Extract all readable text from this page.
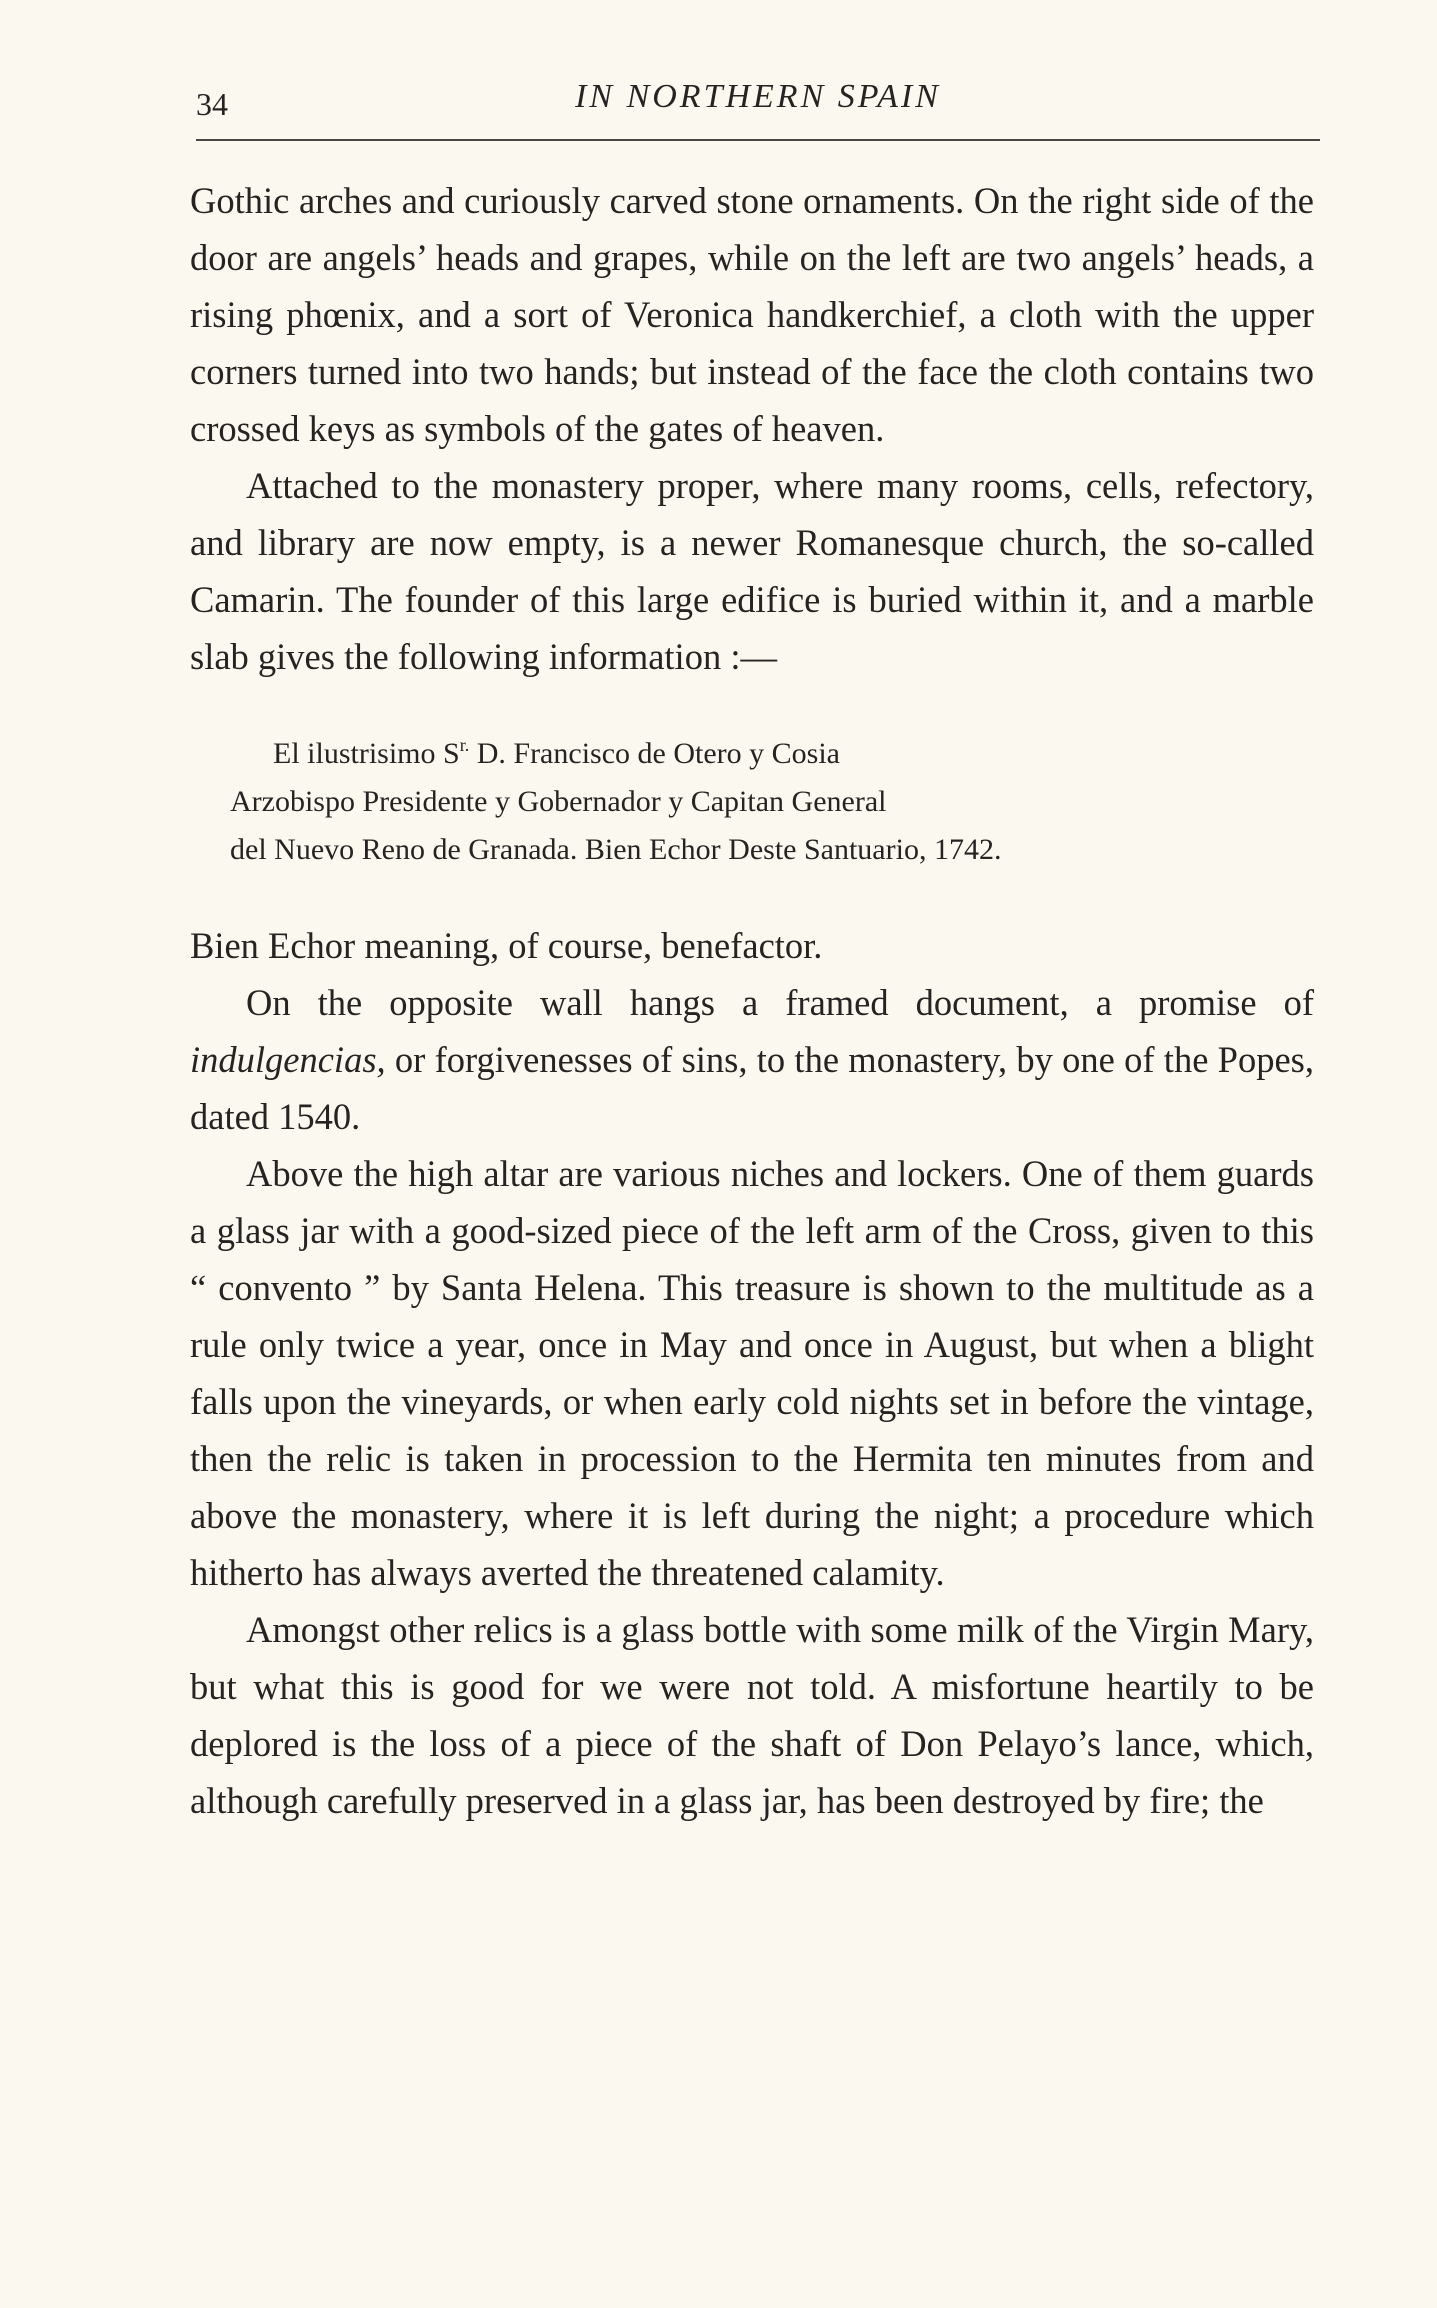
34	IN NORTHERN SPAIN

Gothic arches and curiously carved stone ornaments. On the right side of the door are angels’ heads and grapes, while on the left are two angels’ heads, a rising phœnix, and a sort of Veronica handkerchief, a cloth with the upper corners turned into two hands; but instead of the face the cloth contains two crossed keys as symbols of the gates of heaven.

Attached to the monastery proper, where many rooms, cells, refectory, and library are now empty, is a newer Romanesque church, the so-called Camarin. The founder of this large edifice is buried within it, and a marble slab gives the following information :—

El ilustrisimo $S^{r.}$ D. Francisco de Otero y Cosia
Arzobispo Presidente y Gobernador y Capitan General
del Nuevo Reno de Granada. Bien Echor Deste Santuario, 1742.

Bien Echor meaning, of course, benefactor.

On the opposite wall hangs a framed document, a promise of indulgencias, or forgivenesses of sins, to the monastery, by one of the Popes, dated 1540.

Above the high altar are various niches and lockers. One of them guards a glass jar with a good-sized piece of the left arm of the Cross, given to this “ convento ” by Santa Helena. This treasure is shown to the multitude as a rule only twice a year, once in May and once in August, but when a blight falls upon the vineyards, or when early cold nights set in before the vintage, then the relic is taken in procession to the Hermita ten minutes from and above the monastery, where it is left during the night; a procedure which hitherto has always averted the threatened calamity.

Amongst other relics is a glass bottle with some milk of the Virgin Mary, but what this is good for we were not told. A misfortune heartily to be deplored is the loss of a piece of the shaft of Don Pelayo’s lance, which, although carefully preserved in a glass jar, has been destroyed by fire; the
